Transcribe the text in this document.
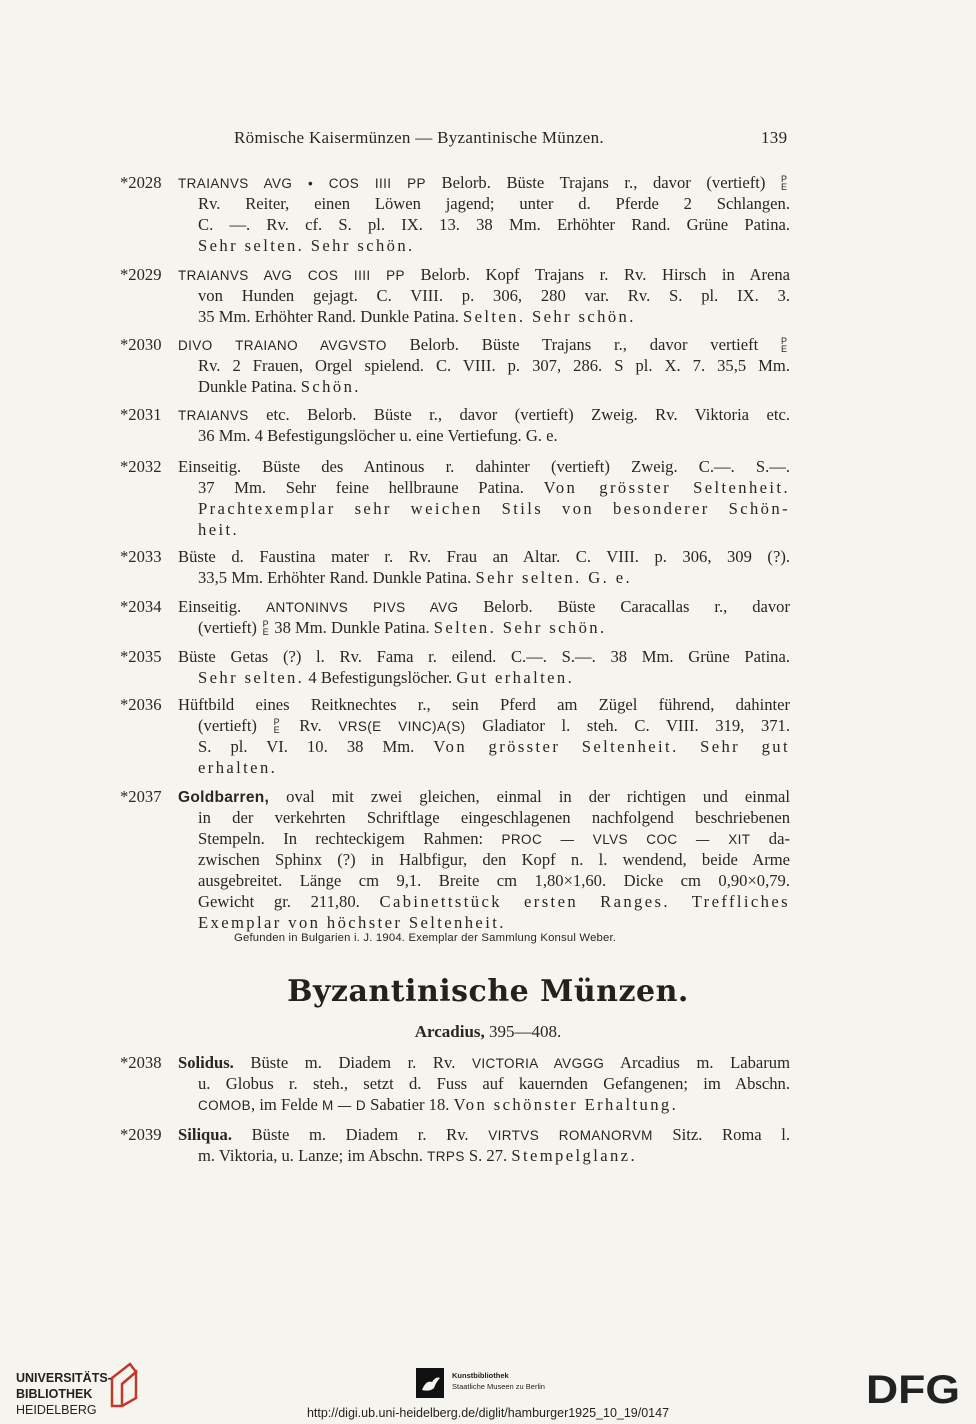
Römische Kaisermünzen — Byzantinische Münzen.	139
*2028	TRAIANVS AVG • COS IIII PP Belorb. Büste Trajans r., davor (vertieft) P
E
Rv. Reiter, einen Löwen jagend; unter d. Pferde 2 Schlangen.
C. —. Rv. cf. S. pl. IX. 13. 38 Mm. Erhöhter Rand. Grüne Patina.
Sehr selten. Sehr schön.
*2029	TRAIANVS AVG COS IIII PP Belorb. Kopf Trajans r. Rv. Hirsch in Arena
von Hunden gejagt. C. VIII. p. 306, 280 var. Rv. S. pl. IX. 3.
35 Mm. Erhöhter Rand. Dunkle Patina. Selten. Sehr schön.
*2030	DIVO TRAIANO AVGVSTO Belorb. Büste Trajans r., davor vertieft P
E
Rv. 2 Frauen, Orgel spielend. C. VIII. p. 307, 286. S pl. X. 7. 35,5 Mm.
Dunkle Patina. Schön.
*2031	TRAIANVS etc. Belorb. Büste r., davor (vertieft) Zweig. Rv. Viktoria etc.
36 Mm. 4 Befestigungslöcher u. eine Vertiefung. G. e.
*2032 Einseitig. Büste des Antinous r. dahinter (vertieft) Zweig. C.—. S.—.
37 Mm. Sehr feine hellbraune Patina. Von grösster Seltenheit.
Prachtexemplar sehr weichen Stils von besonderer Schön-
heit.
*2033 Büste d. Faustina mater r. Rv. Frau an Altar. C. VIII. p. 306, 309 (?).
33,5 Mm. Erhöhter Rand. Dunkle Patina. Sehr selten. G. e.
*2034 Einseitig. ANTONINVS PIVS AVG Belorb. Büste Caracallas r., davor
(vertieft) P
E 38 Mm. Dunkle Patina. Selten. Sehr schön.
*2035 Büste Getas (?) l. Rv. Fama r. eilend. C.—. S.—. 38 Mm. Grüne Patina.
Sehr selten. 4 Befestigungslöcher. Gut erhalten.
*2036 Hüftbild eines Reitknechtes r., sein Pferd am Zügel führend, dahinter
(vertieft) P
E Rv. VRS(E VINC)A(S) Gladiator l. steh. C. VIII. 319, 371.
S. pl. VI. 10. 38 Mm. Von grösster Seltenheit. Sehr gut
erhalten.
*2037	Goldbarren, oval mit zwei gleichen, einmal in der richtigen und einmal
in der verkehrten Schriftlage eingeschlagenen nachfolgend beschriebenen
Stempeln. In rechteckigem Rahmen: PROC — VLVS COC — XIT da-
zwischen Sphinx (?) in Halbfigur, den Kopf n. l. wendend, beide Arme
ausgebreitet. Länge cm 9,1. Breite cm 1,80×1,60. Dicke cm 0,90×0,79.
Gewicht gr. 211,80. Cabinettstück ersten Ranges. Treffliches
Exemplar von höchster Seltenheit.
Gefunden in Bulgarien i. J. 1904. Exemplar der Sammlung Konsul Weber.
Byzantinische Münzen.
Arcadius, 395—408.
*2038 Solidus. Büste m. Diadem r. Rv. VICTORIA AVGGG Arcadius m. Labarum
u. Globus r. steh., setzt d. Fuss auf kauernden Gefangenen; im Abschn.
COMOB, im Felde M — D Sabatier 18. Von schönster Erhaltung.
*2039 Siliqua. Büste m. Diadem r. Rv. VIRTVS ROMANORVM Sitz. Roma l.
m. Viktoria, u. Lanze; im Abschn. TRPS S. 27. Stempelglanz.
UNIVERSITÄTS-
BIBLIOTHEK
HEIDELBERG
Kunstbibliothek
Staatliche Museen zu Berlin
http://digi.ub.uni-heidelberg.de/diglit/hamburger1925_10_19/0147
DFG
